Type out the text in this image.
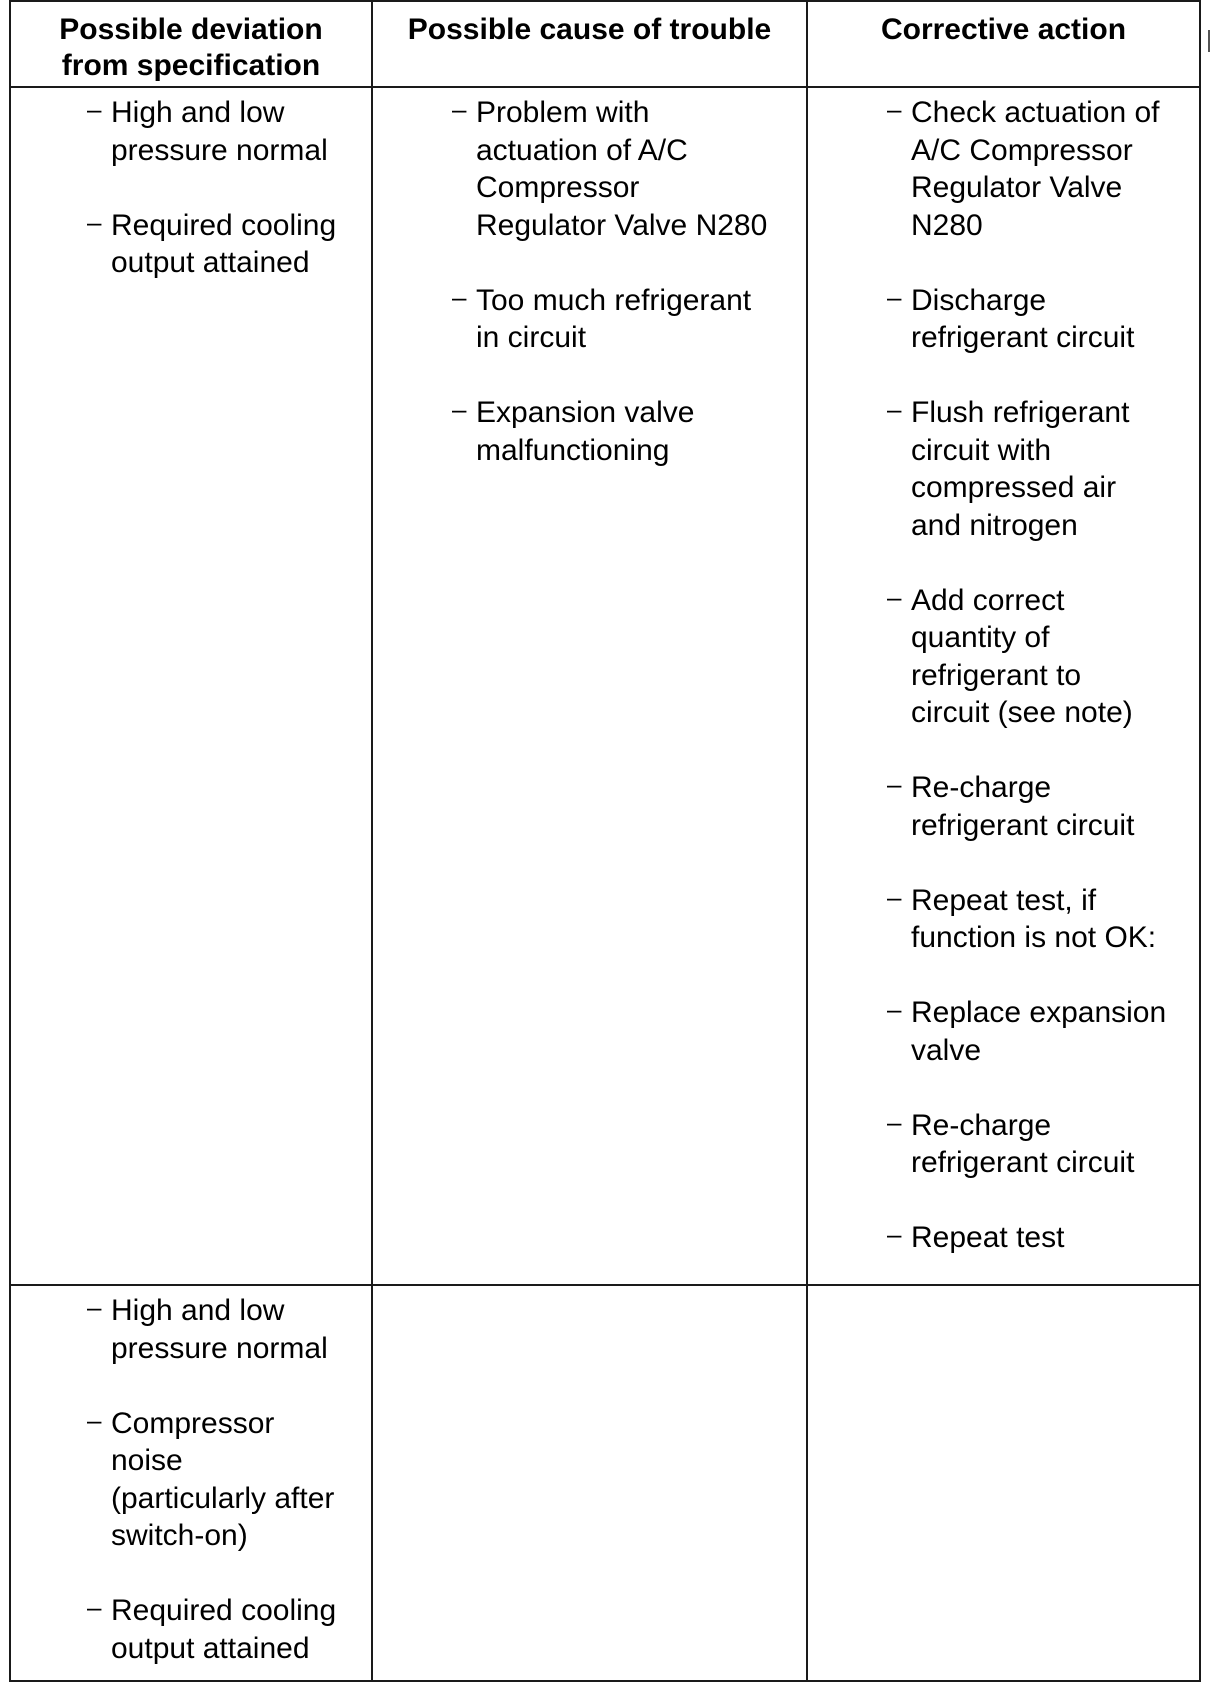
Possible deviation
from specification
Possible cause of trouble	Corrective action
– High and low
pressure normal
– Required cooling
output attained
– Problem with
actuation of A/C
Compressor
Regulator Valve N280
– Too much refrigerant
in circuit
– Expansion valve
malfunctioning
– Check actuation of
A/C Compressor
Regulator Valve
N280
– Discharge
refrigerant circuit
– Flush refrigerant
circuit with
compressed air
and nitrogen
– Add correct
quantity of
refrigerant to
circuit (see note)
– Re-charge
refrigerant circuit
– Repeat test, if
function is not OK:
– Replace expansion
valve
– Re-charge
refrigerant circuit
– Repeat test
– High and low
pressure normal
– Compressor
noise
(particularly after
switch-on)
– Required cooling
output attained
